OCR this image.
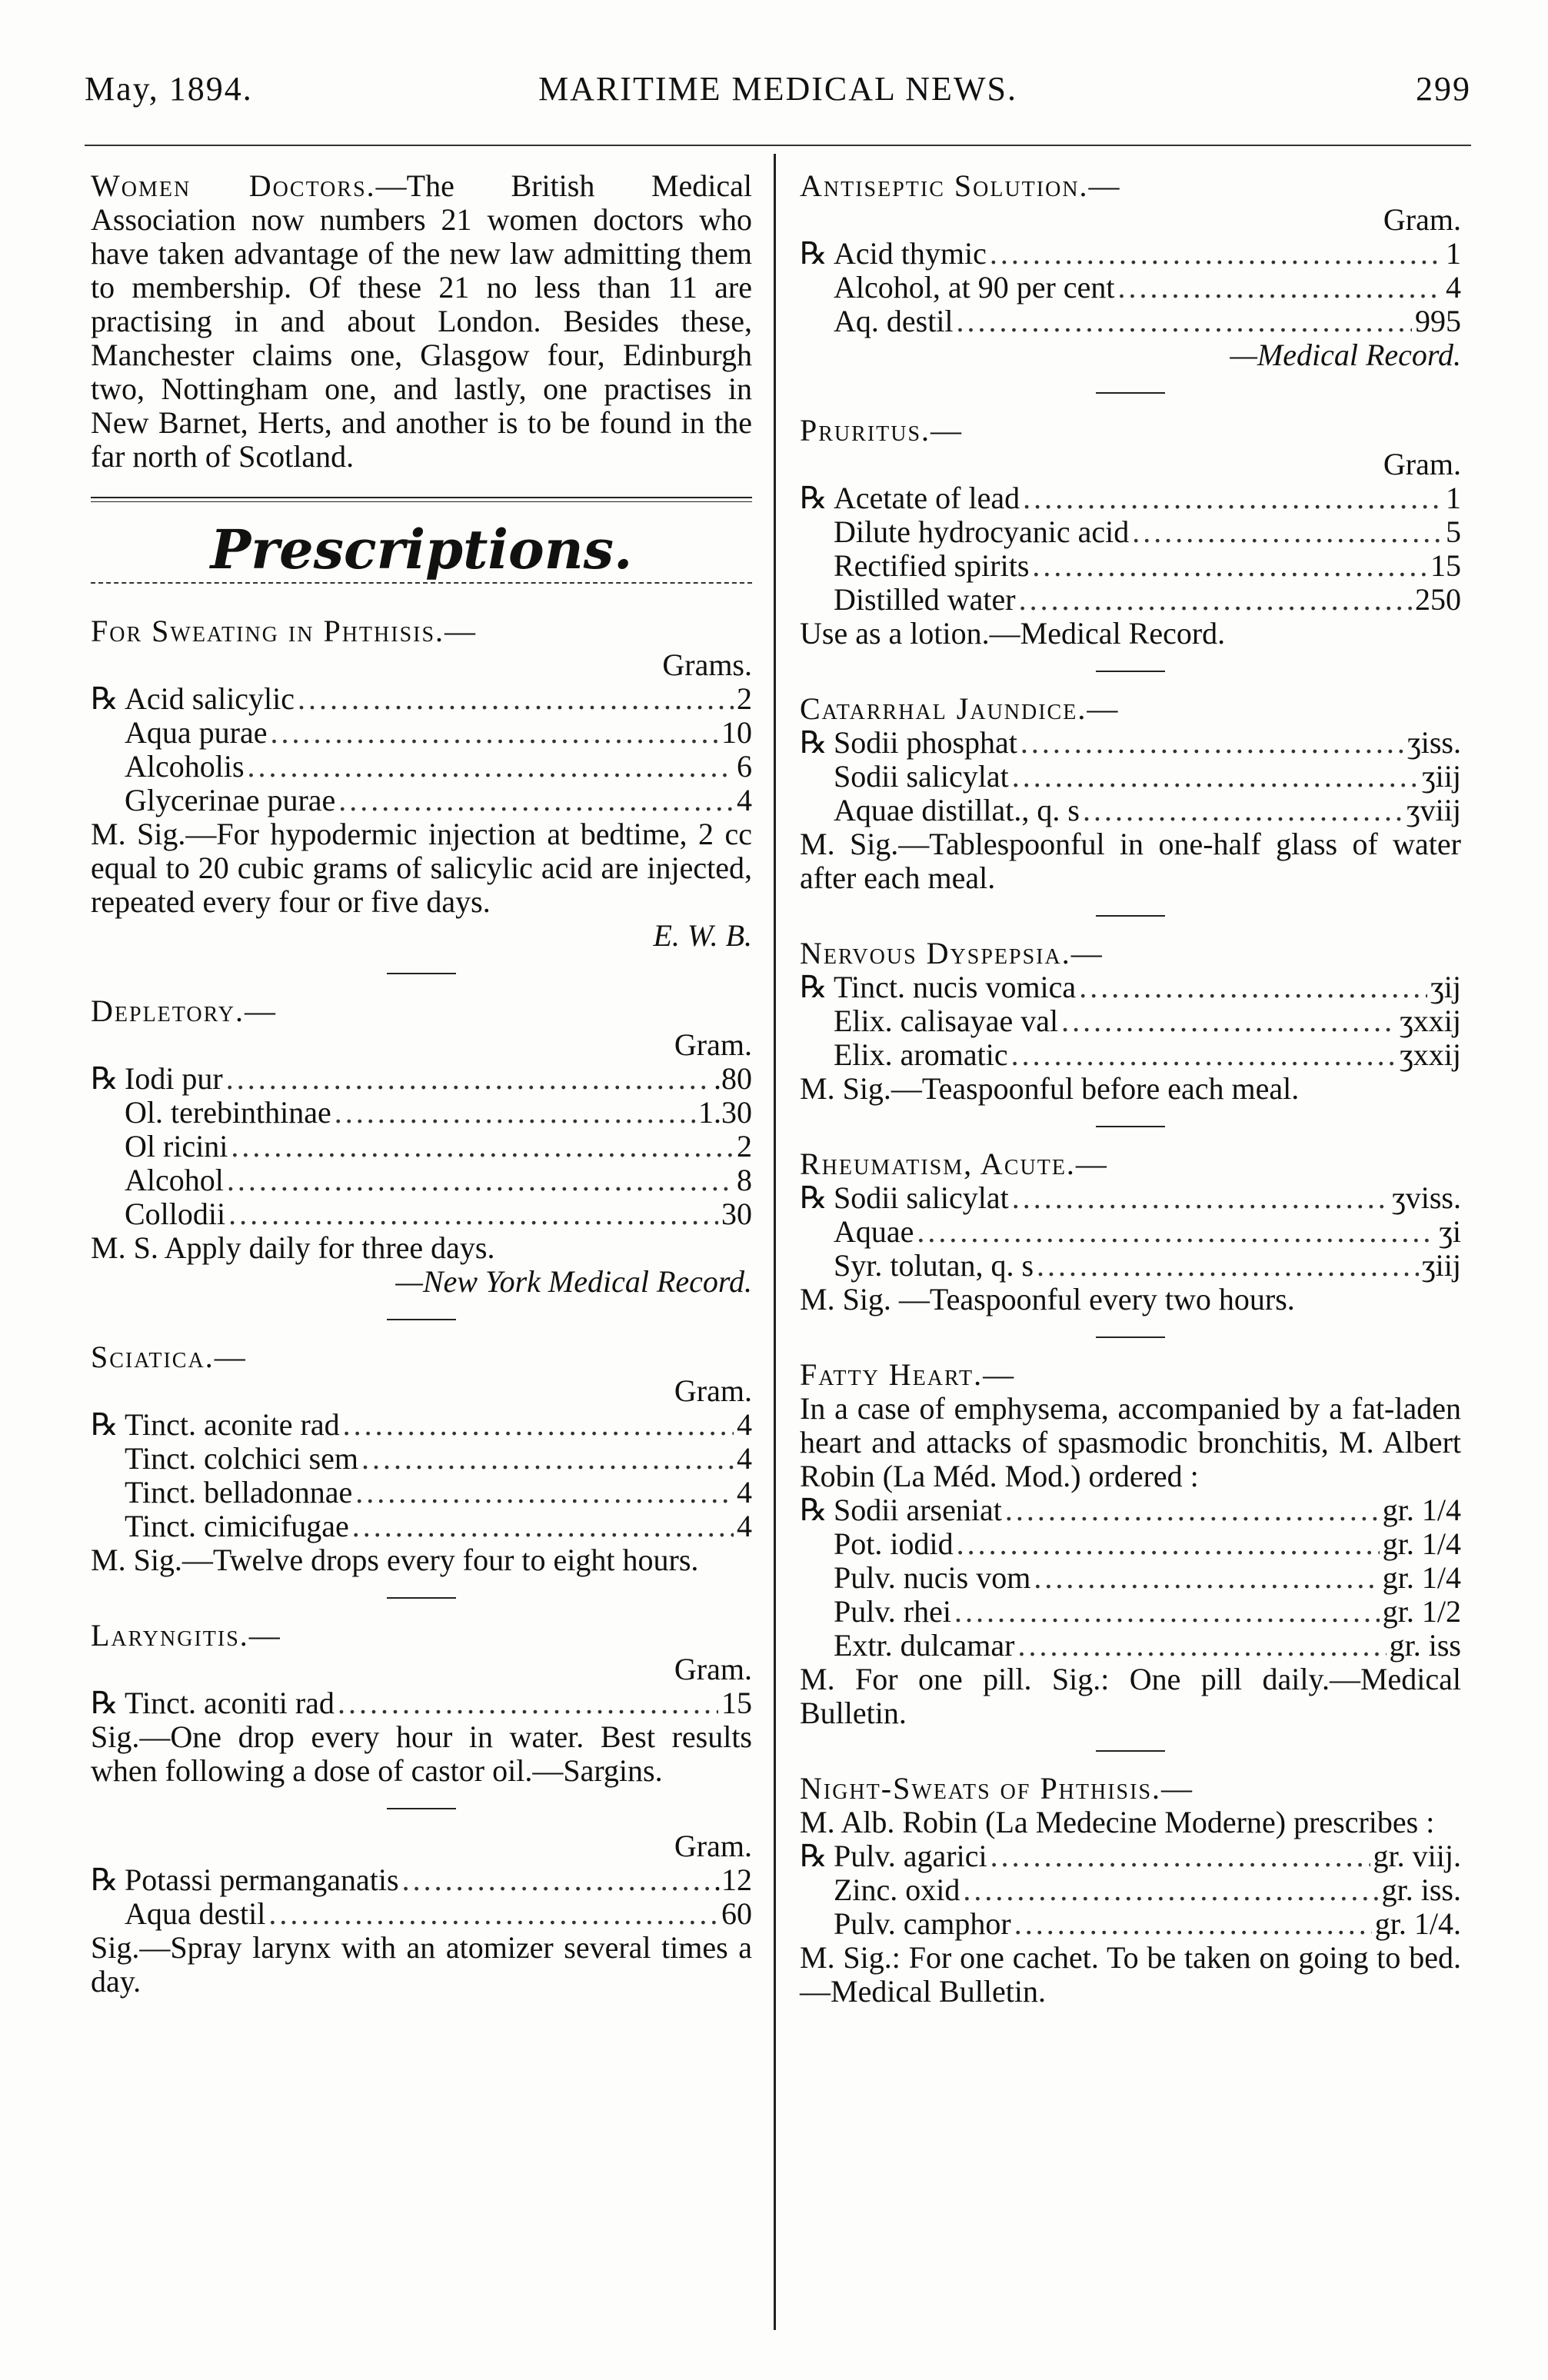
May, 1894.	MARITIME MEDICAL NEWS.	299

Women Doctors.—The British Medical Association now numbers 21 women doctors who have taken advantage of the new law admitting them to membership. Of these 21 no less than 11 are practising in and about London. Besides these, Manchester claims one, Glasgow four, Edinburgh two, Nottingham one, and lastly, one practises in New Barnet, Herts, and another is to be found in the far north of Scotland.

Prescriptions.
For Sweating in Phthisis.—

Grams.

℞ Acid salicylic .....	2
Aqua purae .....	10
Alcoholis .....	6
Glycerinae purae .....	4

M. Sig.—For hypodermic injection at bedtime, 2 cc equal to 20 cubic grams of salicylic acid are injected, repeated every four or five days.

E. W. B.

Depletory.—

Gram.

℞ Iodi pur .....	.80
Ol. terebinthinae .....	1.30
Ol ricini .....	2
Alcohol .....	8
Collodii .....	30

M. S. Apply daily for three days.

—New York Medical Record.

Sciatica.—

Gram.

℞ Tinct. aconite rad .....	4
Tinct. colchici sem .....	4
Tinct. belladonnae .....	4
Tinct. cimicifugae .....	4

M. Sig.—Twelve drops every four to eight hours.

Laryngitis.—

Gram.

℞ Tinct. aconiti rad .....	15

Sig.—One drop every hour in water. Best results when following a dose of castor oil.—Sargins.

Gram.

℞ Potassi permanganatis .....	.12
Aqua destil .....	60

Sig.—Spray larynx with an atomizer several times a day.

Antiseptic Solution.—

Gram.

℞ Acid thymic .....	1
Alcohol, at 90 per cent .....	4
Aq. destil .....	995

—Medical Record.

Pruritus.—

Gram.

℞ Acetate of lead .....	1
Dilute hydrocyanic acid .....	5
Rectified spirits .....	15
Distilled water .....	250

Use as a lotion.—Medical Record.

Catarrhal Jaundice.—
℞ Sodii phosphat .....	ʒiss.
Sodii salicylat .....	ʒiij
Aquae distillat., q. s .....	ʒviij

M. Sig.—Tablespoonful in one-half glass of water after each meal.

Nervous Dyspepsia.—
℞ Tinct. nucis vomica .....	ʒij
Elix. calisayae val .....	ʒxxij
Elix. aromatic .....	ʒxxij

M. Sig.—Teaspoonful before each meal.

Rheumatism, Acute.—
℞ Sodii salicylat .....	ʒviss.
Aquae .....	ʒi
Syr. tolutan, q. s .....	ʒiij

M. Sig. —Teaspoonful every two hours.

Fatty Heart.—

In a case of emphysema, accompanied by a fat-laden heart and attacks of spasmodic bronchitis, M. Albert Robin (La Méd. Mod.) ordered :

℞ Sodii arseniat .....	gr. 1/4
Pot. iodid .....	gr. 1/4
Pulv. nucis vom .....	gr. 1/4
Pulv. rhei .....	gr. 1/2
Extr. dulcamar .....	gr. iss

M. For one pill. Sig.: One pill daily.—Medical Bulletin.

Night-Sweats of Phthisis.—

M. Alb. Robin (La Medecine Moderne) prescribes :

℞ Pulv. agarici .....	gr. viij.
Zinc. oxid .....	gr. iss.
Pulv. camphor .....	gr. 1/4.

M. Sig.: For one cachet. To be taken on going to bed.—Medical Bulletin.
